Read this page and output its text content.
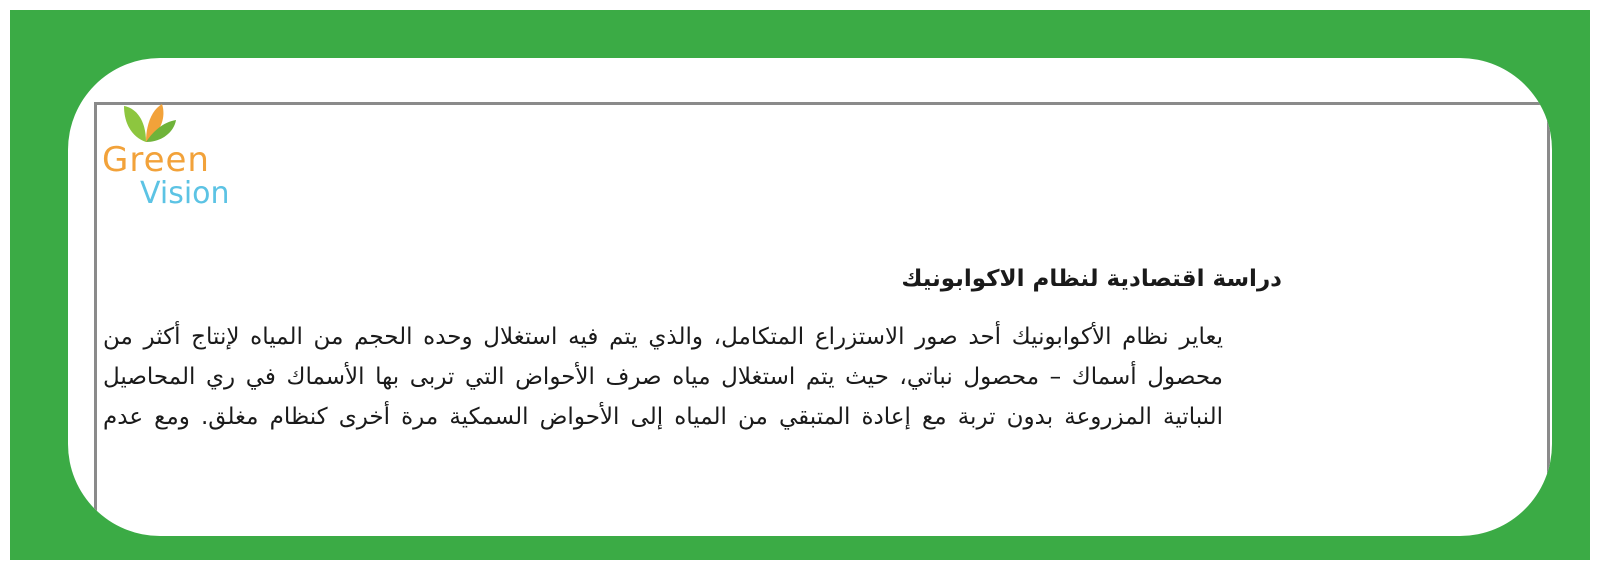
Green
Vision
دراسة اقتصادية لنظام الاكوابونيك
يعاير نظام الأكوابونيك أحد صور الاستزراع المتكامل، والذي يتم فيه استغلال وحده الحجم من المياه لإنتاج أكثر من
محصول أسماك – محصول نباتي، حيث يتم استغلال مياه صرف الأحواض التي تربى بها الأسماك في ري المحاصيل
النباتية المزروعة بدون تربة مع إعادة المتبقي من المياه إلى الأحواض السمكية مرة أخرى كنظام مغلق. ومع عدم
